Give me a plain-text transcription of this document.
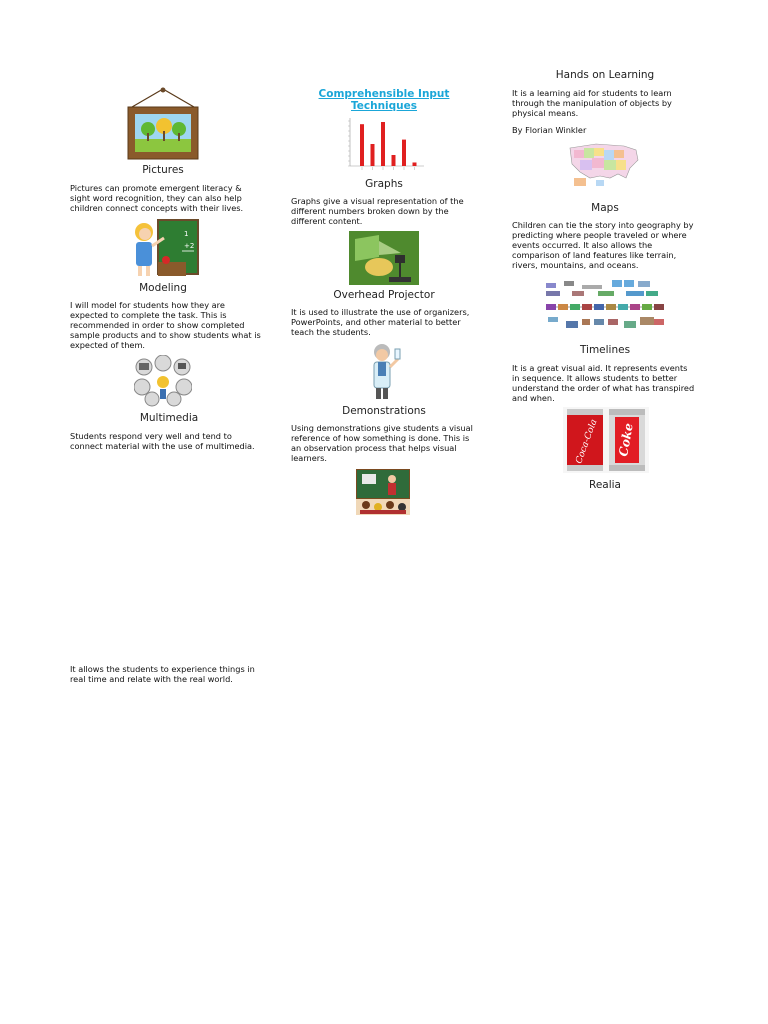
Pictures
Pictures can promote emergent literacy & sight word recognition, they can also help children connect concepts with their lives.
1
+2
Modeling
I will model for students how they are expected to complete the task. This is recommended in order to show completed sample products and to show students what is expected of them.
Multimedia
Students respond very well and tend to connect material with the use of multimedia.
It allows the students to experience things in real time and relate with the real world.
Comprehensible Input Techniques
Graphs
Graphs give a visual representation of the different numbers broken down by the different content.
Overhead Projector
It is used to illustrate the use of organizers, PowerPoints, and other material to better teach the students.
Demonstrations
Using demonstrations give students a visual reference of how something is done. This is an observation process that helps visual learners.
Hands on Learning
It is a learning aid for students to learn through the manipulation of objects by physical means.
By Florian Winkler
Maps
Children can tie the story into geography by predicting where people traveled or where events occurred. It also allows the comparison of land features like terrain, rivers, mountains, and oceans.
Timelines
It is a great visual aid. It represents events in sequence. It allows students to better understand the order of what has transpired and when.
Coca-Cola Coke
Realia
